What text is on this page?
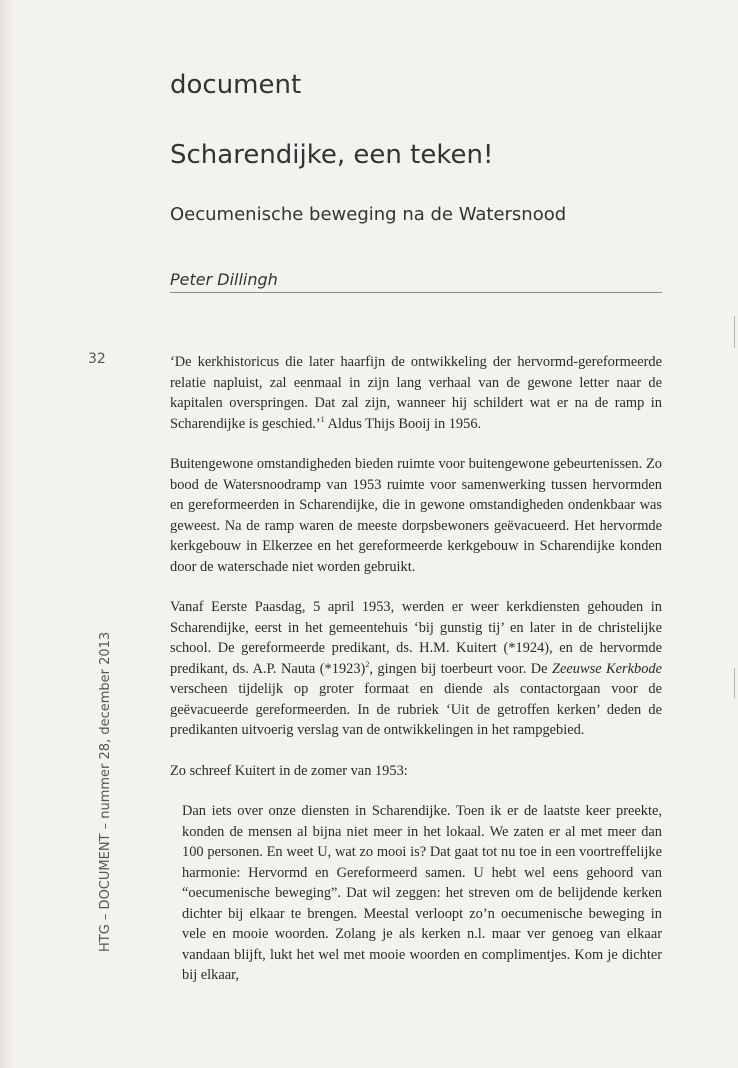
document
Scharendijke, een teken!
Oecumenische beweging na de Watersnood

Peter Dillingh

32

HTG – DOCUMENT – nummer 28, december 2013

‘De kerkhistoricus die later haarfijn de ontwikkeling der hervormd-gereformeerde relatie napluist, zal eenmaal in zijn lang verhaal van de gewone letter naar de kapitalen overspringen. Dat zal zijn, wanneer hij schildert wat er na de ramp in Scharendijke is geschied.’$^1$ Aldus Thijs Booij in 1956.

Buitengewone omstandigheden bieden ruimte voor buitengewone gebeurtenissen. Zo bood de Watersnoodramp van 1953 ruimte voor samenwerking tussen hervormden en gereformeerden in Scharendijke, die in gewone omstandigheden ondenkbaar was geweest. Na de ramp waren de meeste dorpsbewoners geëvacueerd. Het hervormde kerkgebouw in Elkerzee en het gereformeerde kerkgebouw in Scharendijke konden door de waterschade niet worden gebruikt.

Vanaf Eerste Paasdag, 5 april 1953, werden er weer kerkdiensten gehouden in Scharendijke, eerst in het gemeentehuis ‘bij gunstig tij’ en later in de christelijke school. De gereformeerde predikant, ds. H.M. Kuitert (*1924), en de hervormde predikant, ds. A.P. Nauta $(*1923)^2$, gingen bij toerbeurt voor. De Zeeuwse Kerkbode verscheen tijdelijk op groter formaat en diende als contactorgaan voor de geëvacueerde gereformeerden. In de rubriek ‘Uit de getroffen kerken’ deden de predikanten uitvoerig verslag van de ontwikkelingen in het rampgebied.

Zo schreef Kuitert in de zomer van 1953:

Dan iets over onze diensten in Scharendijke. Toen ik er de laatste keer preekte, konden de mensen al bijna niet meer in het lokaal. We zaten er al met meer dan 100 personen. En weet U, wat zo mooi is? Dat gaat tot nu toe in een voortreffelijke harmonie: Hervormd en Gereformeerd samen. U hebt wel eens gehoord van “oecumenische beweging”. Dat wil zeggen: het streven om de belijdende kerken dichter bij elkaar te brengen. Meestal verloopt zo’n oecumenische beweging in vele en mooie woorden. Zolang je als kerken n.l. maar ver genoeg van elkaar vandaan blijft, lukt het wel met mooie woorden en complimentjes. Kom je dichter bij elkaar,
